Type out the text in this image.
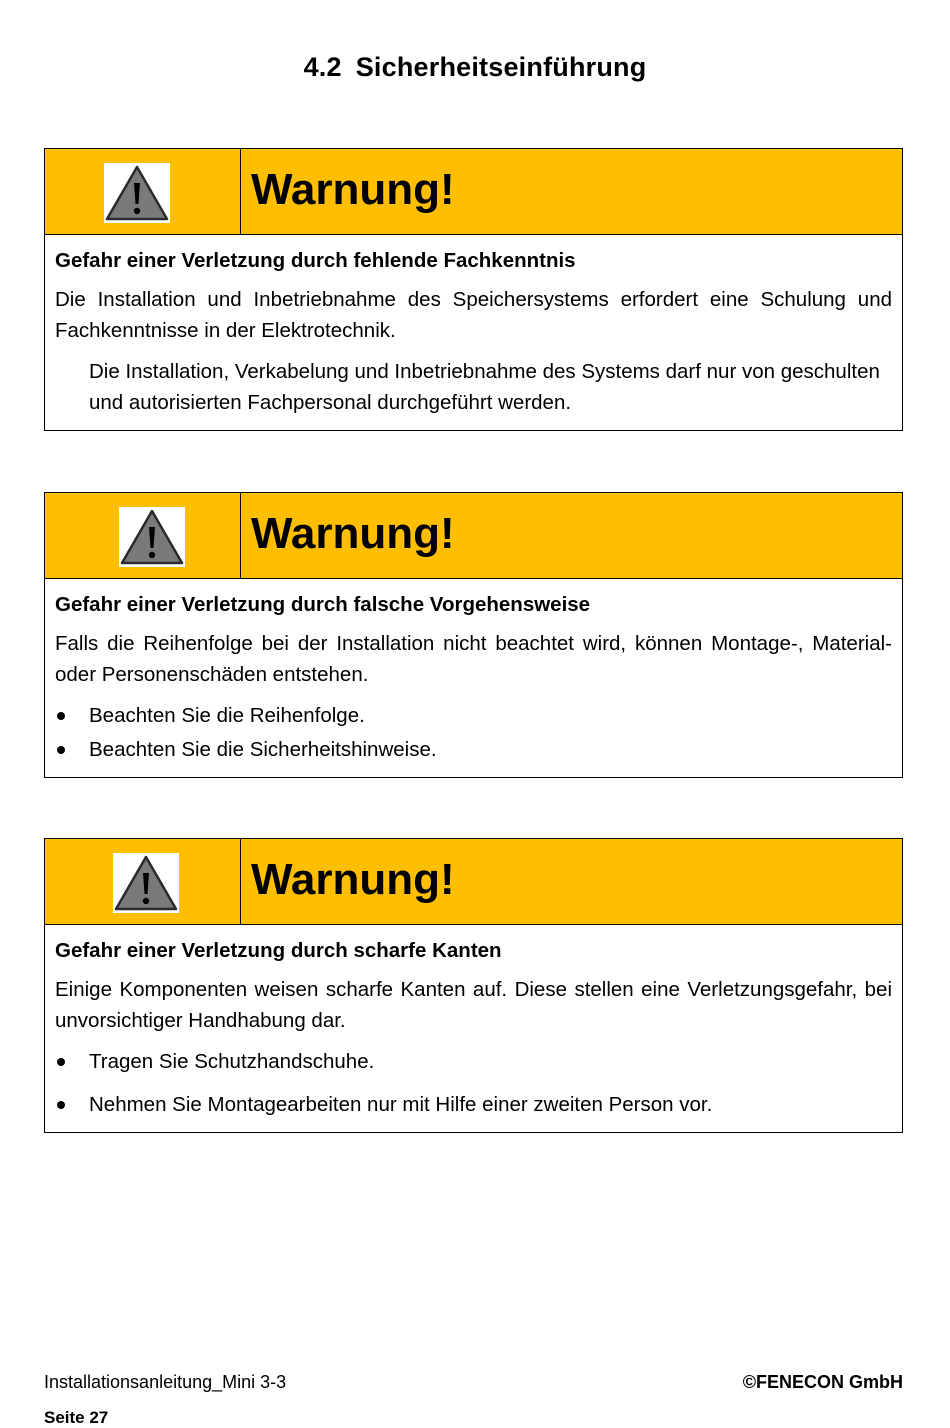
4.2 Sicherheitseinführung
Warnung!
Gefahr einer Verletzung durch fehlende Fachkenntnis
Die Installation und Inbetriebnahme des Speichersystems erfordert eine Schulung und Fachkenntnisse in der Elektrotechnik.
Die Installation, Verkabelung und Inbetriebnahme des Systems darf nur von geschulten und autorisierten Fachpersonal durchgeführt werden.
Warnung!
Gefahr einer Verletzung durch falsche Vorgehensweise
Falls die Reihenfolge bei der Installation nicht beachtet wird, können Montage-, Material- oder Personenschäden entstehen.
Beachten Sie die Reihenfolge.
Beachten Sie die Sicherheitshinweise.
Warnung!
Gefahr einer Verletzung durch scharfe Kanten
Einige Komponenten weisen scharfe Kanten auf. Diese stellen eine Verletzungsgefahr, bei unvorsichtiger Handhabung dar.
Tragen Sie Schutzhandschuhe.
Nehmen Sie Montagearbeiten nur mit Hilfe einer zweiten Person vor.
Installationsanleitung_Mini 3-3	©FENECON GmbH
Seite 27
